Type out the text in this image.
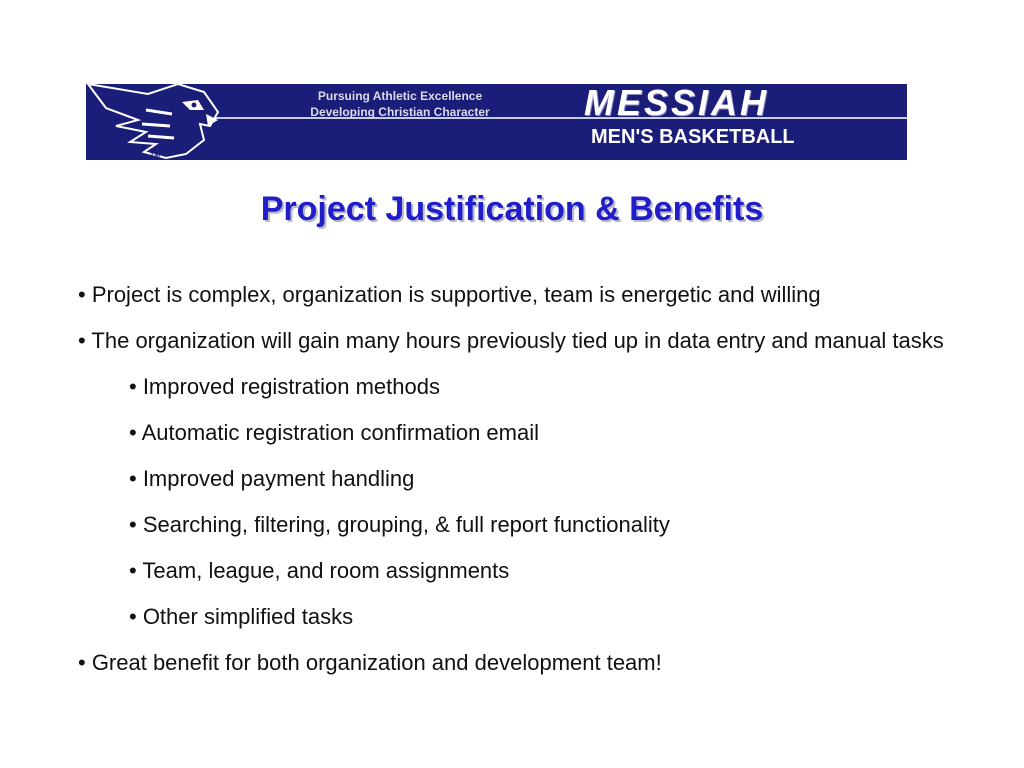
TM
Pursuing Athletic Excellence
Developing Christian Character	MESSIAH
MEN'S BASKETBALL
Project Justification & Benefits
• Project is complex, organization is supportive, team is energetic and willing
• The organization will gain many hours previously tied up in data entry and manual tasks
• Improved registration methods
• Automatic registration confirmation email
• Improved payment handling
• Searching, filtering, grouping, & full report functionality
• Team, league, and room assignments
• Other simplified tasks
• Great benefit for both organization and development team!
